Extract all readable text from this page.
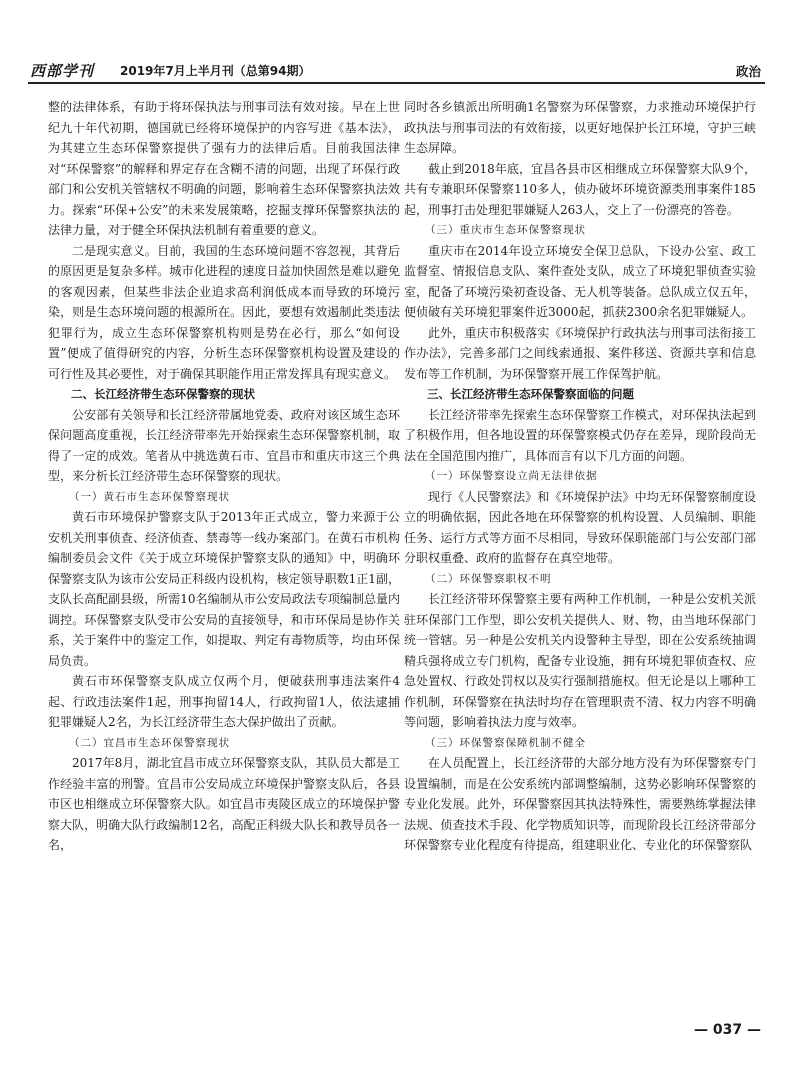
西部学刊 2019年7月上半月刊（总第94期）	政治

整的法律体系，有助于将环保执法与刑事司法有效对接。早在上世纪九十年代初期，德国就已经将环境保护的内容写进《基本法》，为其建立生态环保警察提供了强有力的法律后盾。目前我国法律对“环保警察”的解释和界定存在含糊不清的问题，出现了环保行政部门和公安机关管辖权不明确的问题，影响着生态环保警察执法效力。探索“环保+公安”的未来发展策略，挖掘支撑环保警察执法的法律力量，对于健全环保执法机制有着重要的意义。

二是现实意义。目前，我国的生态环境问题不容忽视，其背后的原因更是复杂多样。城市化进程的速度日益加快固然是难以避免的客观因素，但某些非法企业追求高利润低成本而导致的环境污染，则是生态环境问题的根源所在。因此，要想有效遏制此类违法犯罪行为，成立生态环保警察机构则是势在必行，那么“如何设置”便成了值得研究的内容，分析生态环保警察机构设置及建设的可行性及其必要性，对于确保其职能作用正常发挥具有现实意义。

二、长江经济带生态环保警察的现状

公安部有关领导和长江经济带属地党委、政府对该区域生态环保问题高度重视，长江经济带率先开始探索生态环保警察机制，取得了一定的成效。笔者从中挑选黄石市、宜昌市和重庆市这三个典型，来分析长江经济带生态环保警察的现状。

（一）黄石市生态环保警察现状

黄石市环境保护警察支队于2013年正式成立，警力来源于公安机关刑事侦查、经济侦查、禁毒等一线办案部门。在黄石市机构编制委员会文件《关于成立环境保护警察支队的通知》中，明确环保警察支队为该市公安局正科级内设机构，核定领导职数1正1副，支队长高配副县级，所需10名编制从市公安局政法专项编制总量内调控。环保警察支队受市公安局的直接领导，和市环保局是协作关系，关于案件中的鉴定工作，如提取、判定有毒物质等，均由环保局负责。

黄石市环保警察支队成立仅两个月，便破获刑事违法案件4起、行政违法案件1起，刑事拘留14人，行政拘留1人，依法逮捕犯罪嫌疑人2名，为长江经济带生态大保护做出了贡献。

（二）宜昌市生态环保警察现状

2017年8月，湖北宜昌市成立环保警察支队，其队员大都是工作经验丰富的刑警。宜昌市公安局成立环境保护警察支队后，各县市区也相继成立环保警察大队。如宜昌市夷陵区成立的环境保护警察大队，明确大队行政编制12名，高配正科级大队长和教导员各一名，

同时各乡镇派出所明确1名警察为环保警察，力求推动环境保护行政执法与刑事司法的有效衔接，以更好地保护长江环境，守护三峡生态屏障。

截止到2018年底，宜昌各县市区相继成立环保警察大队9个，共有专兼职环保警察110多人，侦办破坏环境资源类刑事案件185起，刑事打击处理犯罪嫌疑人263人，交上了一份漂亮的答卷。

（三）重庆市生态环保警察现状

重庆市在2014年设立环境安全保卫总队，下设办公室、政工监督室、情报信息支队、案件查处支队，成立了环境犯罪侦查实验室，配备了环境污染初查设备、无人机等装备。总队成立仅五年，便侦破有关环境犯罪案件近3000起，抓获2300余名犯罪嫌疑人。

此外，重庆市积极落实《环境保护行政执法与刑事司法衔接工作办法》，完善多部门之间线索通报、案件移送、资源共享和信息发布等工作机制，为环保警察开展工作保驾护航。

三、长江经济带生态环保警察面临的问题

长江经济带率先探索生态环保警察工作模式，对环保执法起到了积极作用，但各地设置的环保警察模式仍存在差异，现阶段尚无法在全国范围内推广，具体而言有以下几方面的问题。

（一）环保警察设立尚无法律依据

现行《人民警察法》和《环境保护法》中均无环保警察制度设立的明确依据，因此各地在环保警察的机构设置、人员编制、职能任务、运行方式等方面不尽相同，导致环保职能部门与公安部门部分职权重叠、政府的监督存在真空地带。

（二）环保警察职权不明

长江经济带环保警察主要有两种工作机制，一种是公安机关派驻环保部门工作型，即公安机关提供人、财、物，由当地环保部门统一管辖。另一种是公安机关内设警种主导型，即在公安系统抽调精兵强将成立专门机构，配备专业设施，拥有环境犯罪侦查权、应急处置权、行政处罚权以及实行强制措施权。但无论是以上哪种工作机制，环保警察在执法时均存在管理职责不清、权力内容不明确等问题，影响着执法力度与效率。

（三）环保警察保障机制不健全

在人员配置上，长江经济带的大部分地方没有为环保警察专门设置编制，而是在公安系统内部调整编制，这势必影响环保警察的专业化发展。此外，环保警察因其执法特殊性，需要熟练掌握法律法规、侦查技术手段、化学物质知识等，而现阶段长江经济带部分环保警察专业化程度有待提高，组建职业化、专业化的环保警察队

— 037 —
